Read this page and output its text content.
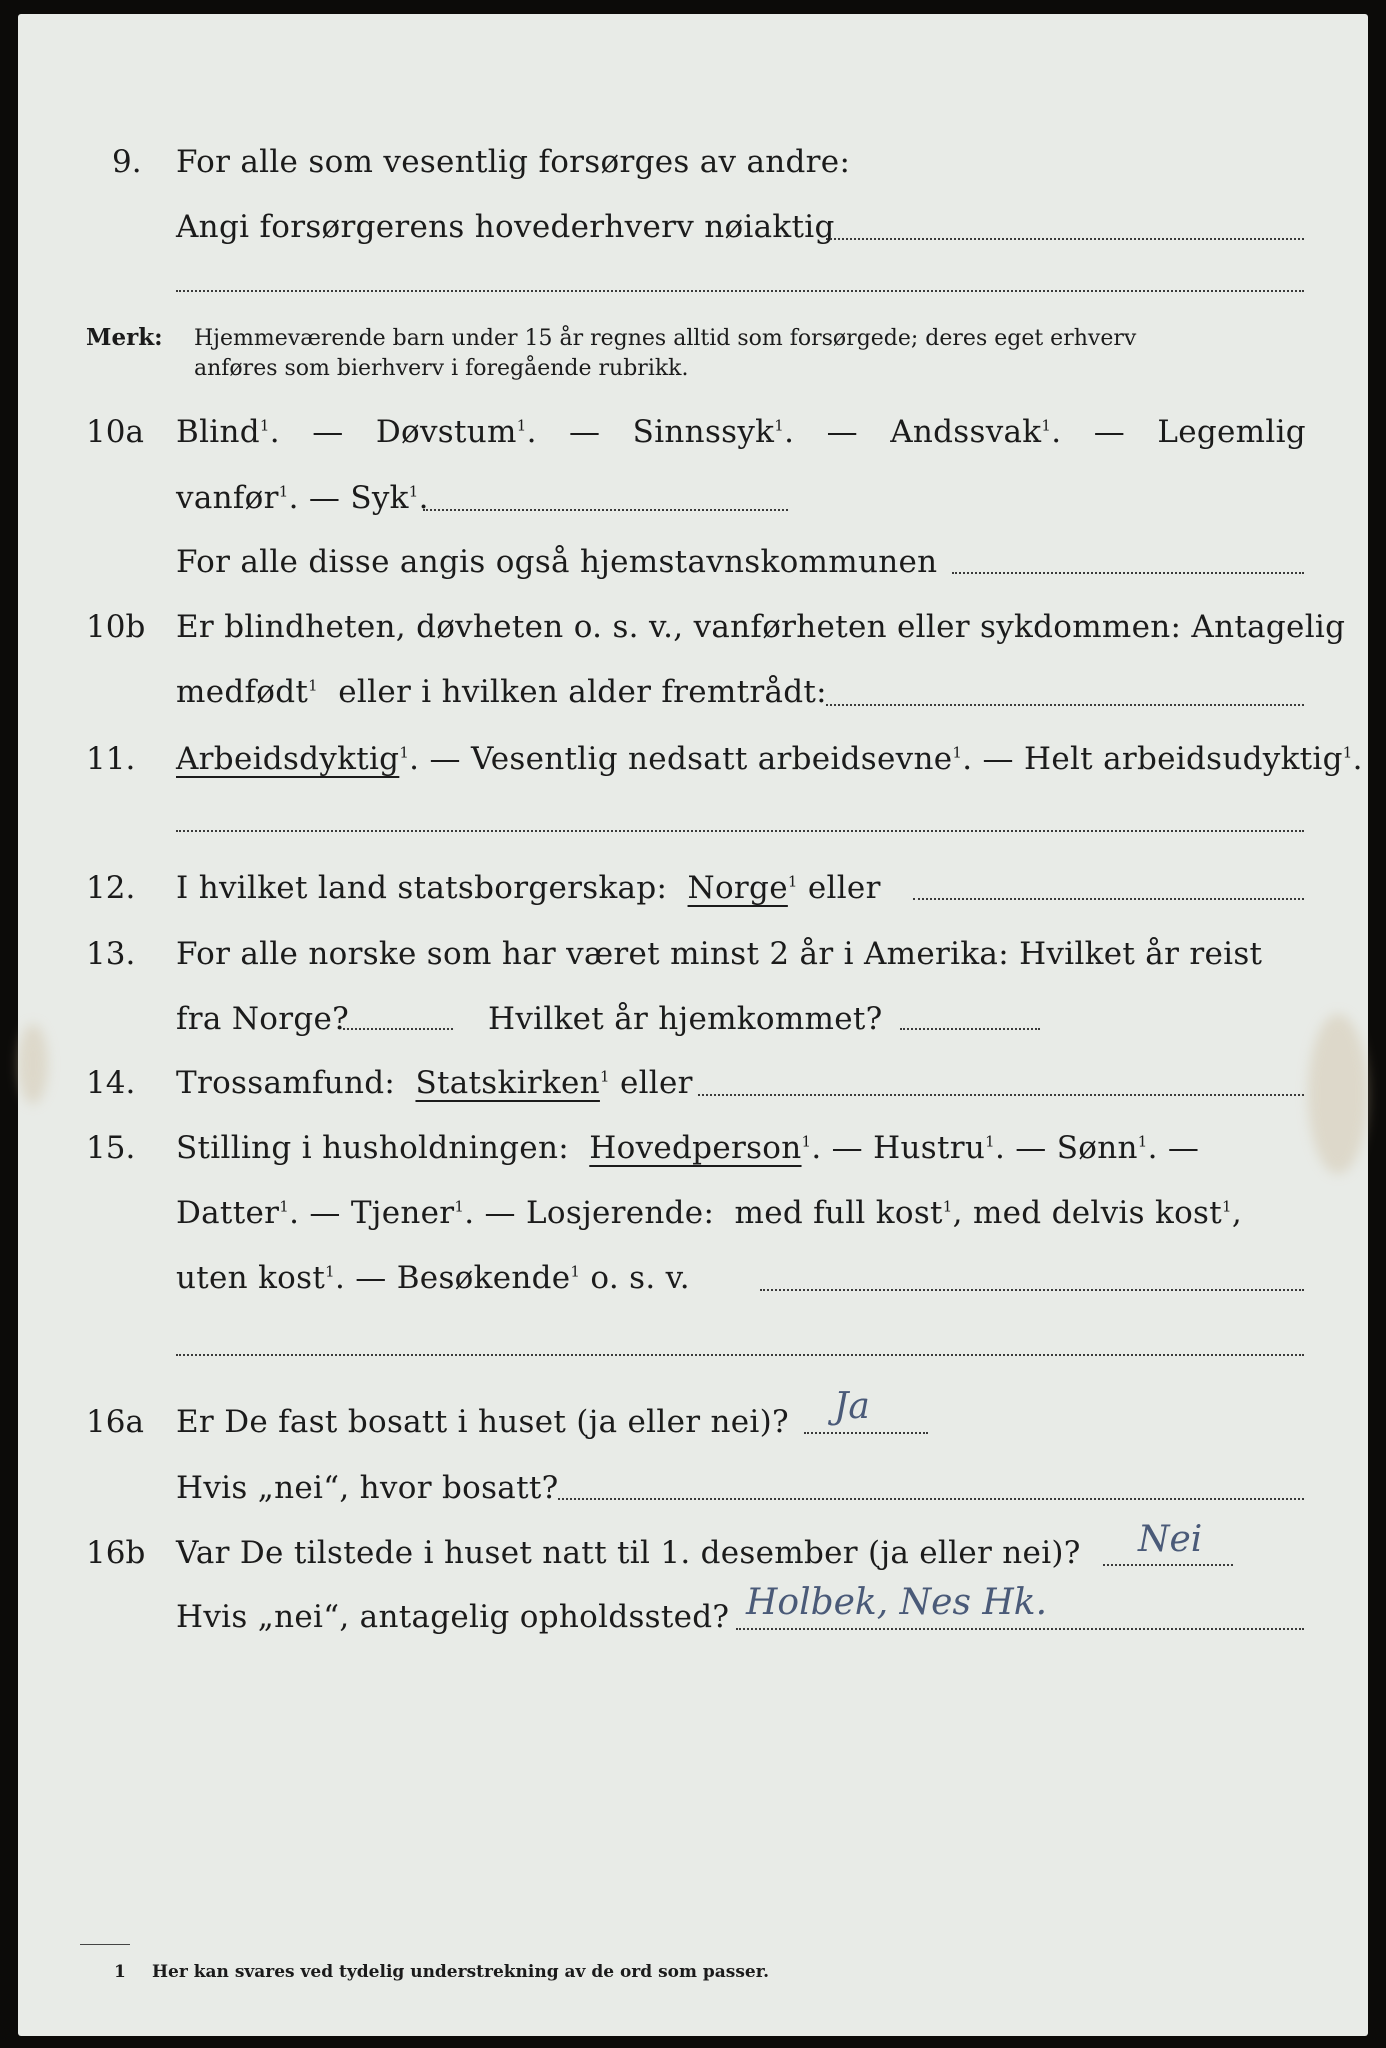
9. For alle som vesentlig forsørges av andre:
Angi forsørgerens hovederhverv nøiaktig
Merk: Hjemmeværende barn under 15 år regnes alltid som forsørgede; deres eget erhverv
anføres som bierhverv i foregående rubrikk.
10a Blind$^1$. — Døvstum$^1$. — Sinnssyk$^1$. — Andssvak$^1$. — Legemlig
vanfør$^1$. — Syk$^1$.
For alle disse angis også hjemstavnskommunen
10b Er blindheten, døvheten o. s. v., vanførheten eller sykdommen: Antagelig
medfødt$^1$ eller i hvilken alder fremtrådt:
11. Arbeidsdyktig$^1$. — Vesentlig nedsatt arbeidsevne$^1$. — Helt arbeidsudyktig$^1$.
12. I hvilket land statsborgerskap: Norge$^1$ eller
13. For alle norske som har været minst 2 år i Amerika: Hvilket år reist
fra Norge?	Hvilket år hjemkommet?
14. Trossamfund: Statskirken$^1$ eller
15. Stilling i husholdningen: Hovedperson$^1$. — Hustru$^1$. — Sønn$^1$. —
Datter$^1$. — Tjener$^1$. — Losjerende: med full kost$^1$, med delvis kost$^1$,
uten kost$^1$. — Besøkende$^1$ o. s. v.
16a Er De fast bosatt i huset (ja eller nei)? Ja
Hvis „nei“, hvor bosatt?
16b Var De tilstede i huset natt til 1. desember (ja eller nei)? Nei
Hvis „nei“, antagelig opholdssted? Holbek, Nes Hk.
1 Her kan svares ved tydelig understrekning av de ord som passer.
